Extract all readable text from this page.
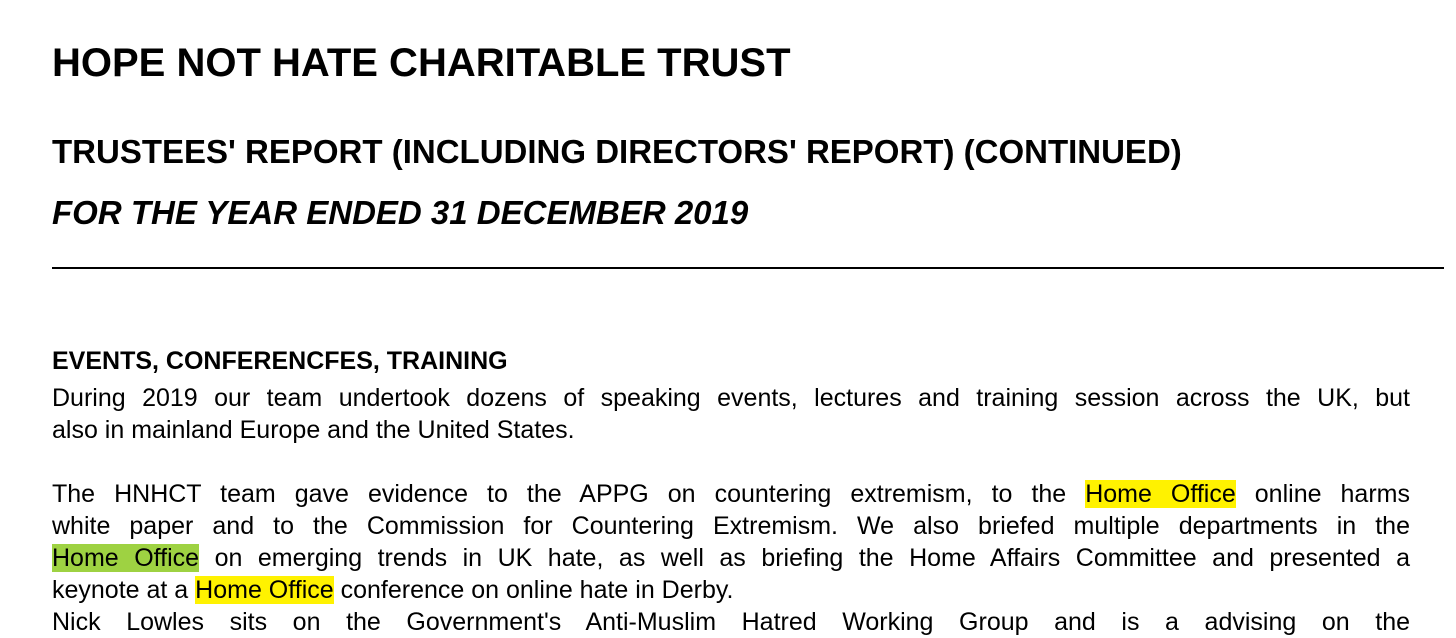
HOPE NOT HATE CHARITABLE TRUST
TRUSTEES' REPORT (INCLUDING DIRECTORS' REPORT) (CONTINUED)
FOR THE YEAR ENDED 31 DECEMBER 2019
EVENTS, CONFERENCFES, TRAINING
During 2019 our team undertook dozens of speaking events, lectures and training session across the UK, but
also in mainland Europe and the United States.
The HNHCT team gave evidence to the APPG on countering extremism, to the Home Office online harms
white paper and to the Commission for Countering Extremism. We also briefed multiple departments in the
Home Office on emerging trends in UK hate, as well as briefing the Home Affairs Committee and presented a
keynote at a Home Office conference on online hate in Derby.
Nick Lowles sits on the Government's Anti-Muslim Hatred Working Group and is a advising on the
